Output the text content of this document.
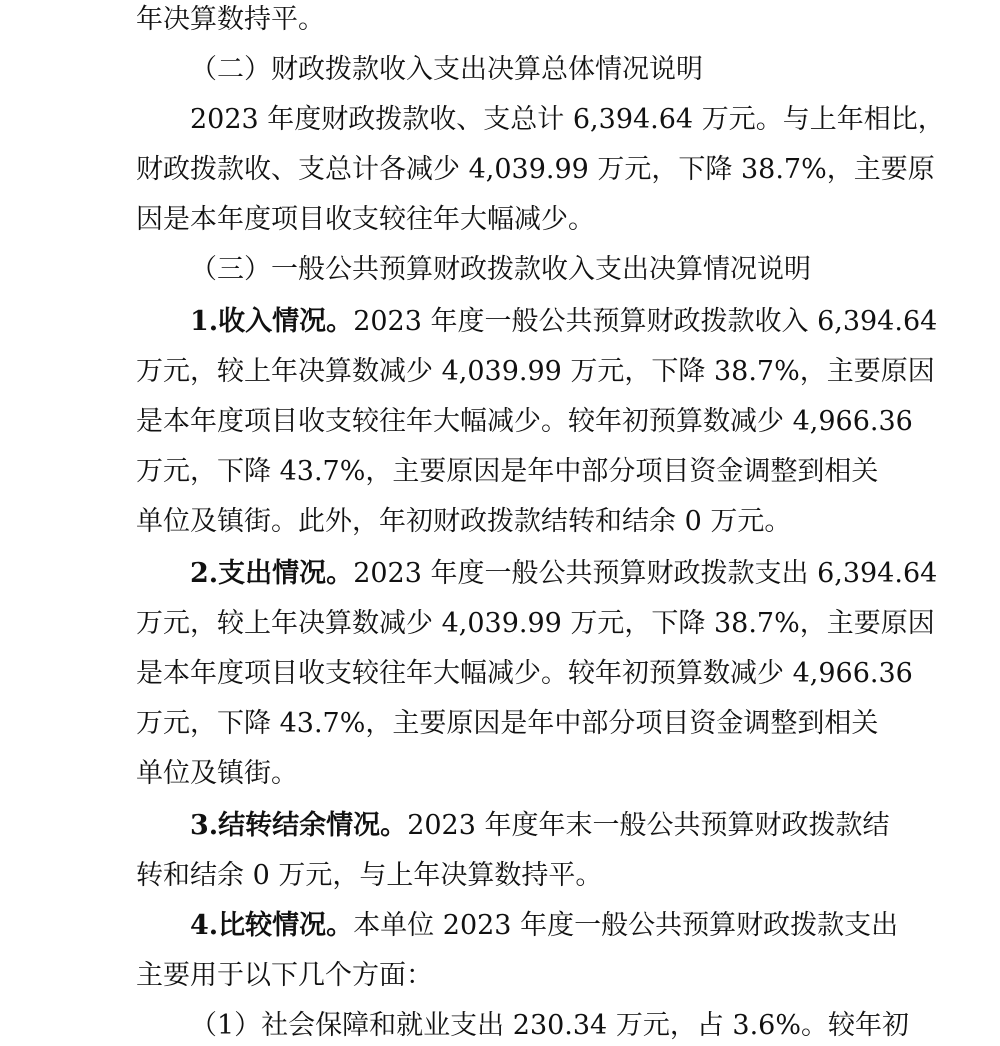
年决算数持平。
（二）财政拨款收入支出决算总体情况说明
2023 年度财政拨款收、支总计 6,394.64 万元。与上年相比，
财政拨款收、支总计各减少 4,039.99 万元，下降 38.7%，主要原
因是本年度项目收支较往年大幅减少。
（三）一般公共预算财政拨款收入支出决算情况说明
1.收入情况。2023 年度一般公共预算财政拨款收入 6,394.64
万元，较上年决算数减少 4,039.99 万元，下降 38.7%，主要原因
是本年度项目收支较往年大幅减少。较年初预算数减少 4,966.36
万元，下降 43.7%，主要原因是年中部分项目资金调整到相关
单位及镇街。此外，年初财政拨款结转和结余 0 万元。
2.支出情况。2023 年度一般公共预算财政拨款支出 6,394.64
万元，较上年决算数减少 4,039.99 万元，下降 38.7%，主要原因
是本年度项目收支较往年大幅减少。较年初预算数减少 4,966.36
万元，下降 43.7%，主要原因是年中部分项目资金调整到相关
单位及镇街。
3.结转结余情况。2023 年度年末一般公共预算财政拨款结
转和结余 0 万元，与上年决算数持平。
4.比较情况。本单位 2023 年度一般公共预算财政拨款支出
主要用于以下几个方面：
（1）社会保障和就业支出 230.34 万元，占 3.6%。较年初
